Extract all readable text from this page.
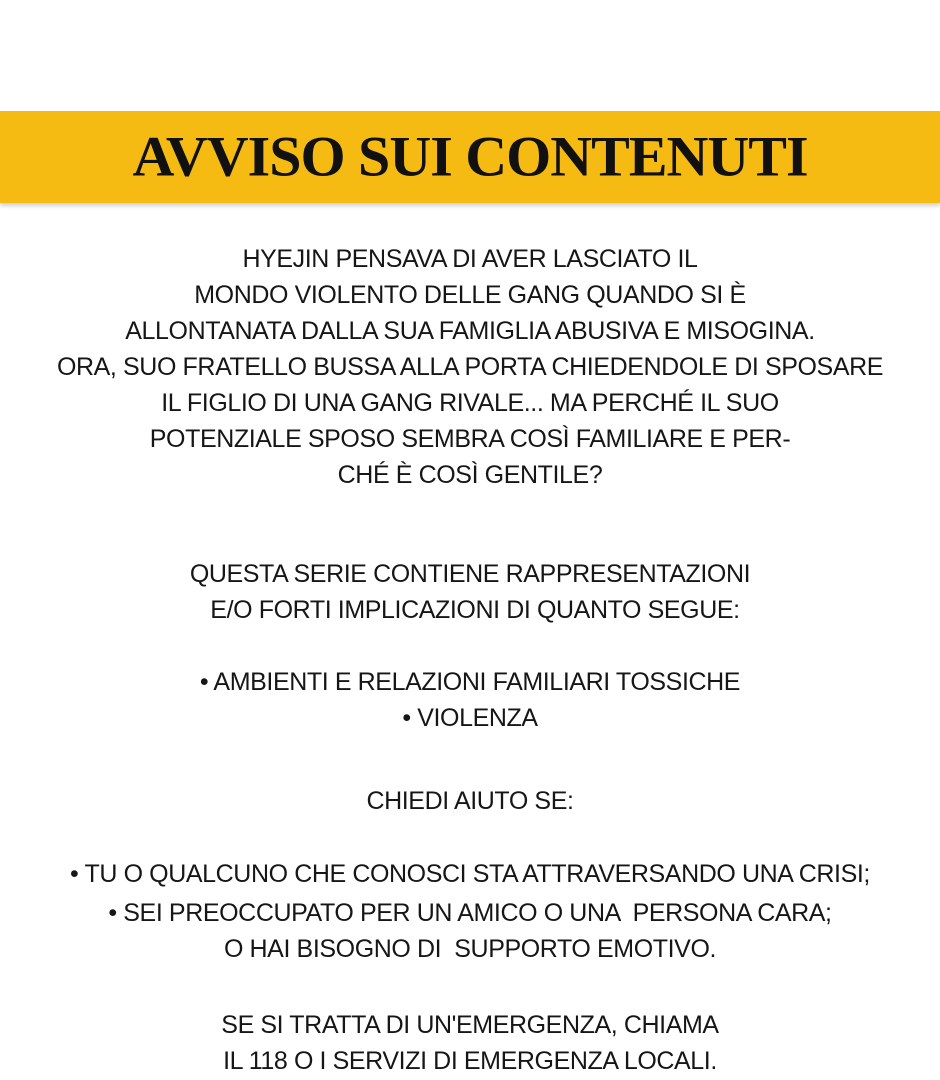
AVVISO SUI CONTENUTI
HYEJIN PENSAVA DI AVER LASCIATO IL
MONDO VIOLENTO DELLE GANG QUANDO SI È
ALLONTANATA DALLA SUA FAMIGLIA ABUSIVA E MISOGINA.
ORA, SUO FRATELLO BUSSA ALLA PORTA CHIEDENDOLE DI SPOSARE
IL FIGLIO DI UNA GANG RIVALE... MA PERCHÉ IL SUO
POTENZIALE SPOSO SEMBRA COSÌ FAMILIARE E PER-
CHÉ È COSÌ GENTILE?
QUESTA SERIE CONTIENE RAPPRESENTAZIONI
E/O FORTI IMPLICAZIONI DI QUANTO SEGUE:
• AMBIENTI E RELAZIONI FAMILIARI TOSSICHE
• VIOLENZA
CHIEDI AIUTO SE:
• TU O QUALCUNO CHE CONOSCI STA ATTRAVERSANDO UNA CRISI;
• SEI PREOCCUPATO PER UN AMICO O UNA  PERSONA CARA;
O HAI BISOGNO DI  SUPPORTO EMOTIVO.
SE SI TRATTA DI UN'EMERGENZA, CHIAMA
IL 118 O I SERVIZI DI EMERGENZA LOCALI.
